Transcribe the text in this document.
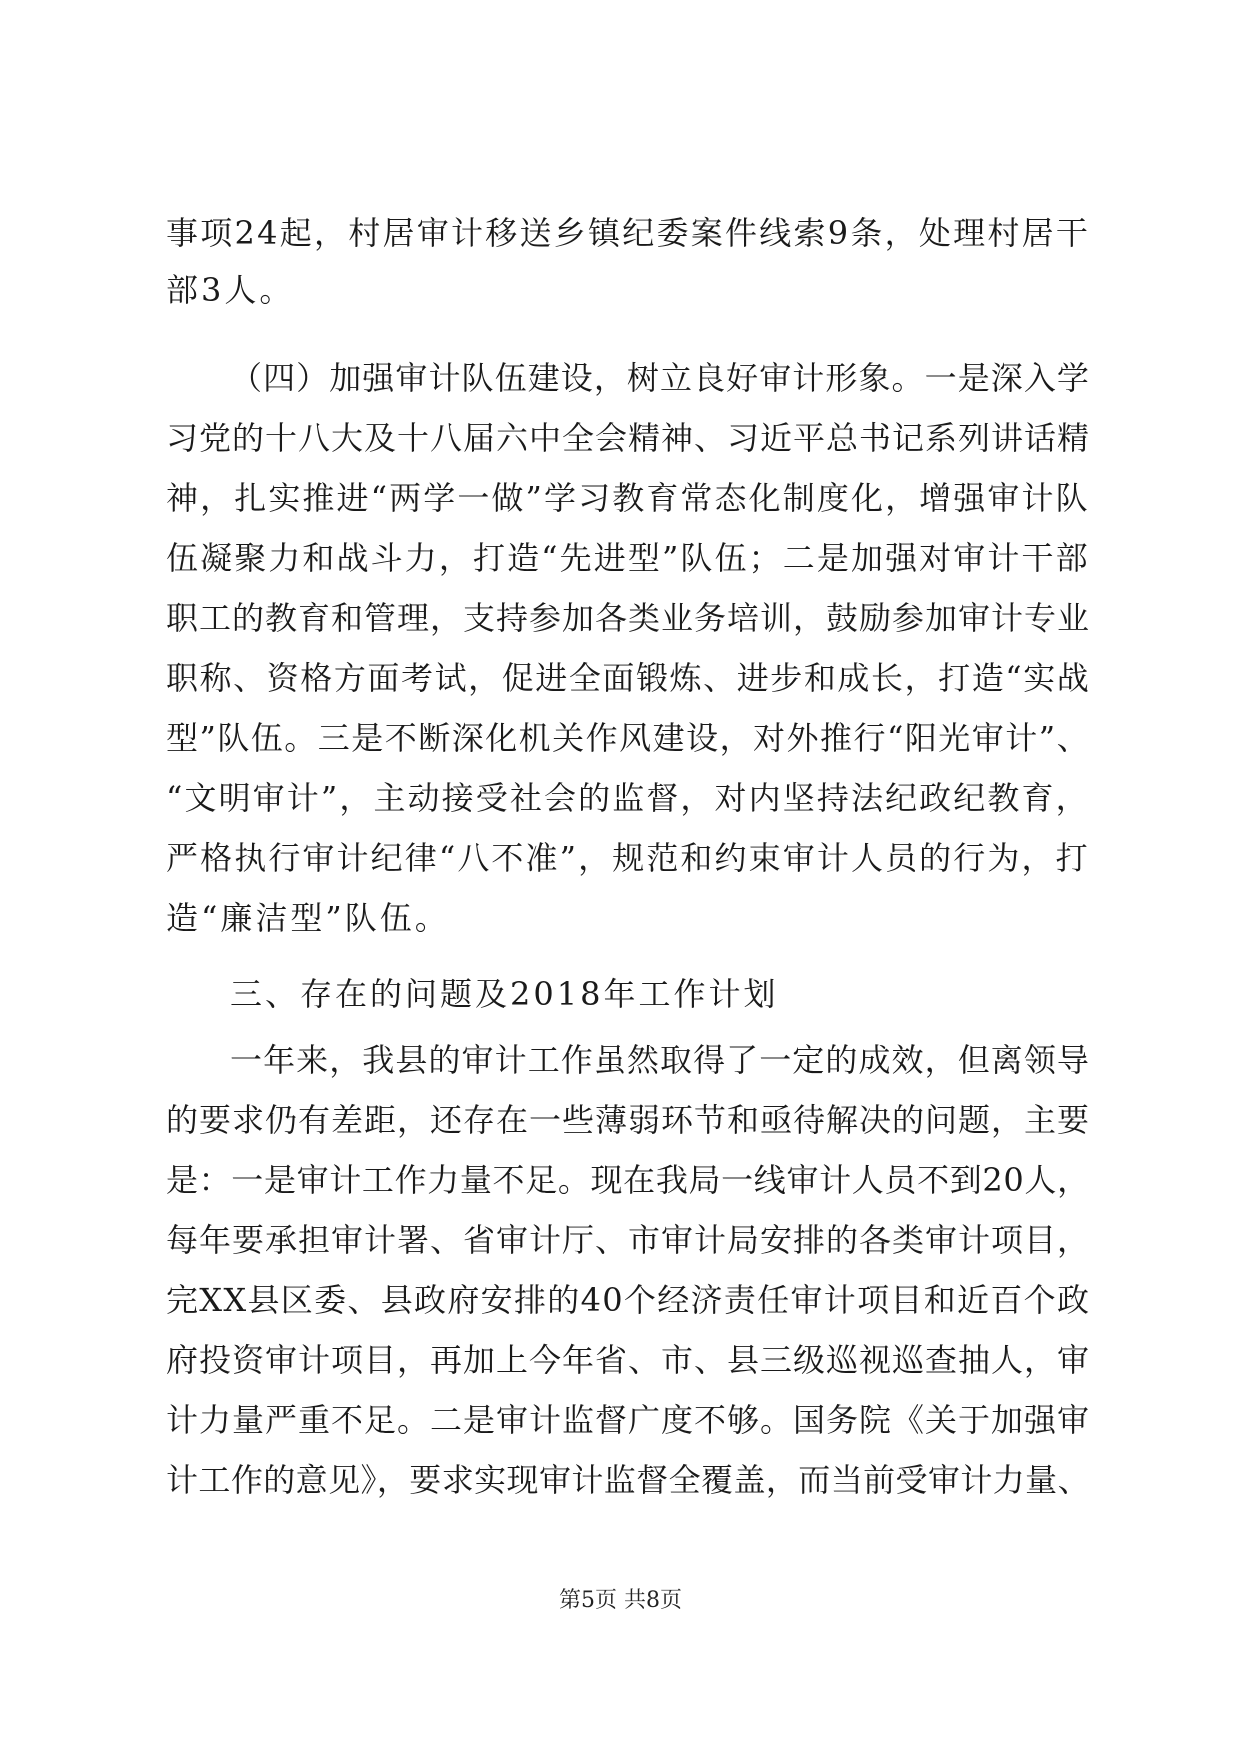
事项24起，村居审计移送乡镇纪委案件线索9条，处理村居干
部3人。
（四）加强审计队伍建设，树立良好审计形象。一是深入学
习党的十八大及十八届六中全会精神、习近平总书记系列讲话精
神，扎实推进“两学一做”学习教育常态化制度化，增强审计队
伍凝聚力和战斗力，打造“先进型”队伍；二是加强对审计干部
职工的教育和管理，支持参加各类业务培训，鼓励参加审计专业
职称、资格方面考试，促进全面锻炼、进步和成长，打造“实战
型”队伍。三是不断深化机关作风建设，对外推行“阳光审计”、
“文明审计”，主动接受社会的监督，对内坚持法纪政纪教育，
严格执行审计纪律“八不准”，规范和约束审计人员的行为，打
造“廉洁型”队伍。
三、存在的问题及2018年工作计划
一年来，我县的审计工作虽然取得了一定的成效，但离领导
的要求仍有差距，还存在一些薄弱环节和亟待解决的问题，主要
是：一是审计工作力量不足。现在我局一线审计人员不到20人，
每年要承担审计署、省审计厅、市审计局安排的各类审计项目，
完XX县区委、县政府安排的40个经济责任审计项目和近百个政
府投资审计项目，再加上今年省、市、县三级巡视巡查抽人，审
计力量严重不足。二是审计监督广度不够。国务院《关于加强审
计工作的意见》，要求实现审计监督全覆盖，而当前受审计力量、
第5页 共8页
